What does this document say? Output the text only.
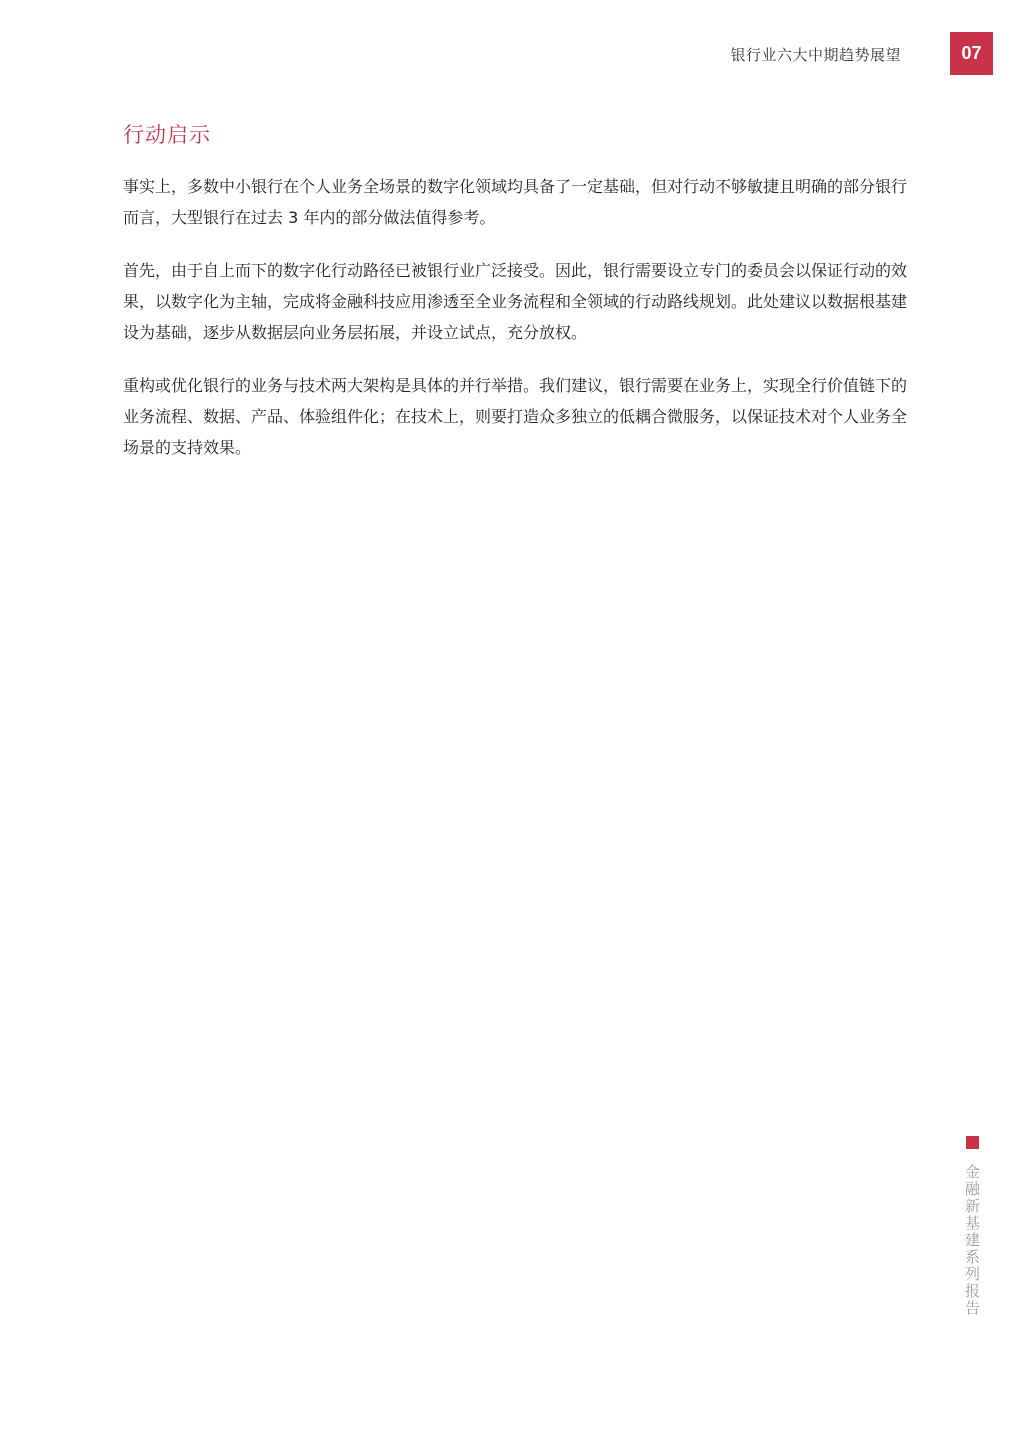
银行业六大中期趋势展望	07
行动启示

事实上，多数中小银行在个人业务全场景的数字化领域均具备了一定基础，但对行动不够敏捷且明确的部分银行而言，大型银行在过去 3 年内的部分做法值得参考。

首先，由于自上而下的数字化行动路径已被银行业广泛接受。因此，银行需要设立专门的委员会以保证行动的效果，以数字化为主轴，完成将金融科技应用渗透至全业务流程和全领域的行动路线规划。此处建议以数据根基建设为基础，逐步从数据层向业务层拓展，并设立试点，充分放权。

重构或优化银行的业务与技术两大架构是具体的并行举措。我们建议，银行需要在业务上，实现全行价值链下的业务流程、数据、产品、体验组件化；在技术上，则要打造众多独立的低耦合微服务，以保证技术对个人业务全场景的支持效果。

金融新基建系列报告
